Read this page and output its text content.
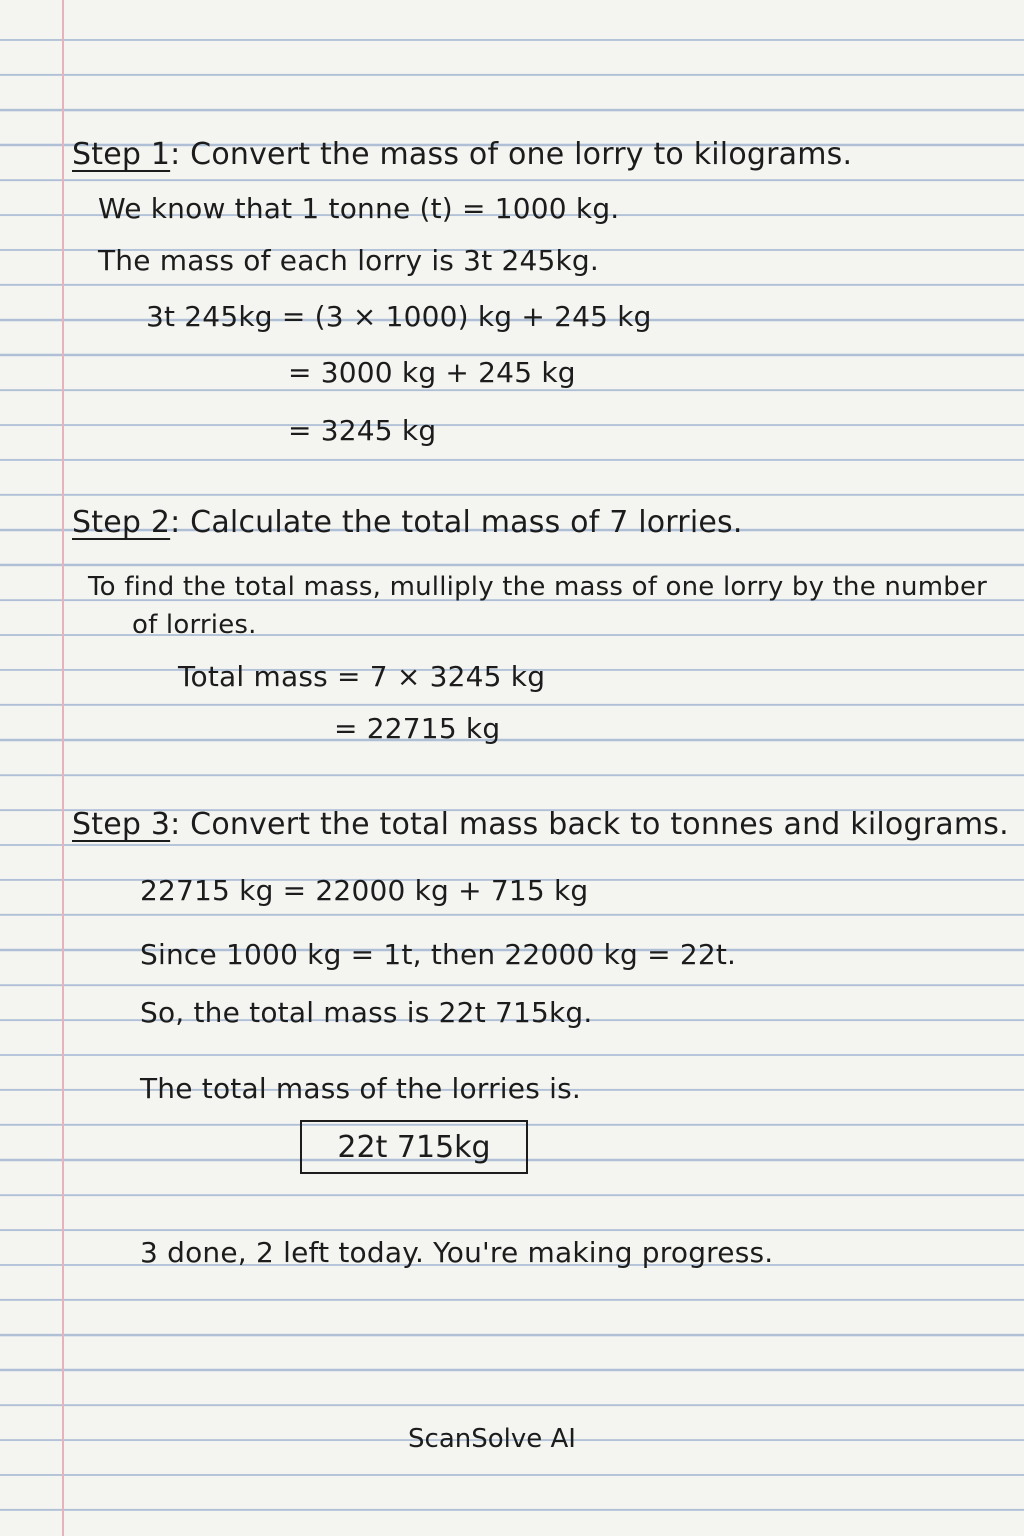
Step 1: Convert the mass of one lorry to kilograms.
We know that 1 tonne (t) = 1000 kg.
The mass of each lorry is 3t 245kg.
3t 245kg = (3 × 1000) kg + 245 kg
= 3000 kg + 245 kg
= 3245 kg
Step 2: Calculate the total mass of 7 lorries.
To find the total mass, mulliply the mass of one lorry by the number
of lorries.
Total mass = 7 × 3245 kg
= 22715 kg
Step 3: Convert the total mass back to tonnes and kilograms.
22715 kg = 22000 kg + 715 kg
Since 1000 kg = 1t, then 22000 kg = 22t.
So, the total mass is 22t 715kg.
The total mass of the lorries is.
22t 715kg
3 done, 2 left today. You're making progress.
ScanSolve AI
